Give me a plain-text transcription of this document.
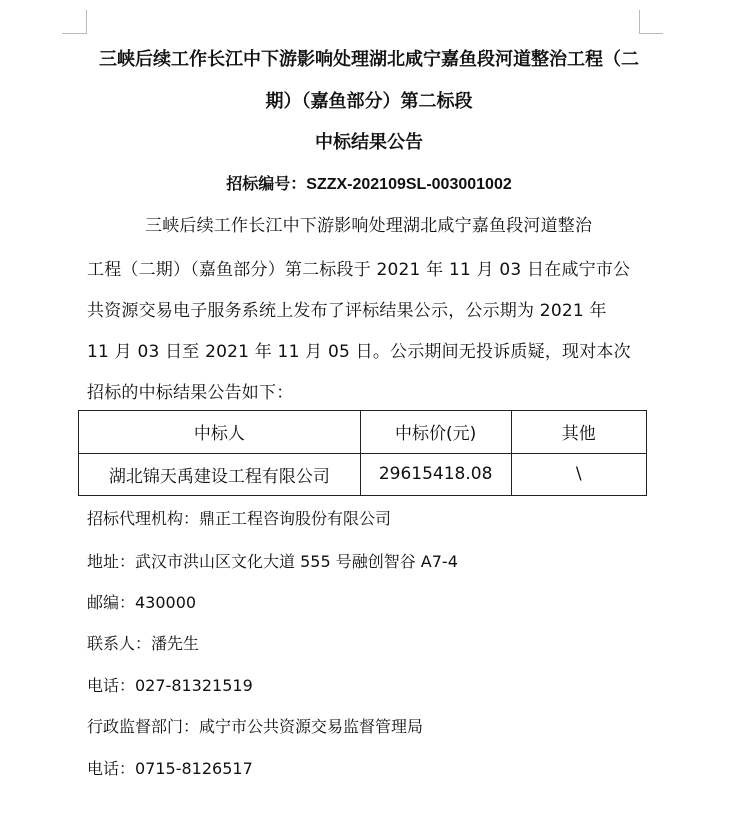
三峡后续工作长江中下游影响处理湖北咸宁嘉鱼段河道整治工程（二
期）（嘉鱼部分）第二标段
中标结果公告
招标编号：SZZX-202109SL-003001002
三峡后续工作长江中下游影响处理湖北咸宁嘉鱼段河道整治
工程（二期）（嘉鱼部分）第二标段于 2021 年 11 月 03 日在咸宁市公
共资源交易电子服务系统上发布了评标结果公示，公示期为 2021 年
11 月 03 日至 2021 年 11 月 05 日。公示期间无投诉质疑，现对本次
招标的中标结果公告如下：
中标人	中标价(元)	其他
湖北锦天禹建设工程有限公司	29615418.08	\
招标代理机构：鼎正工程咨询股份有限公司
地址：武汉市洪山区文化大道 555 号融创智谷 A7-4
邮编：430000
联系人：潘先生
电话：027-81321519
行政监督部门：咸宁市公共资源交易监督管理局
电话：0715-8126517
